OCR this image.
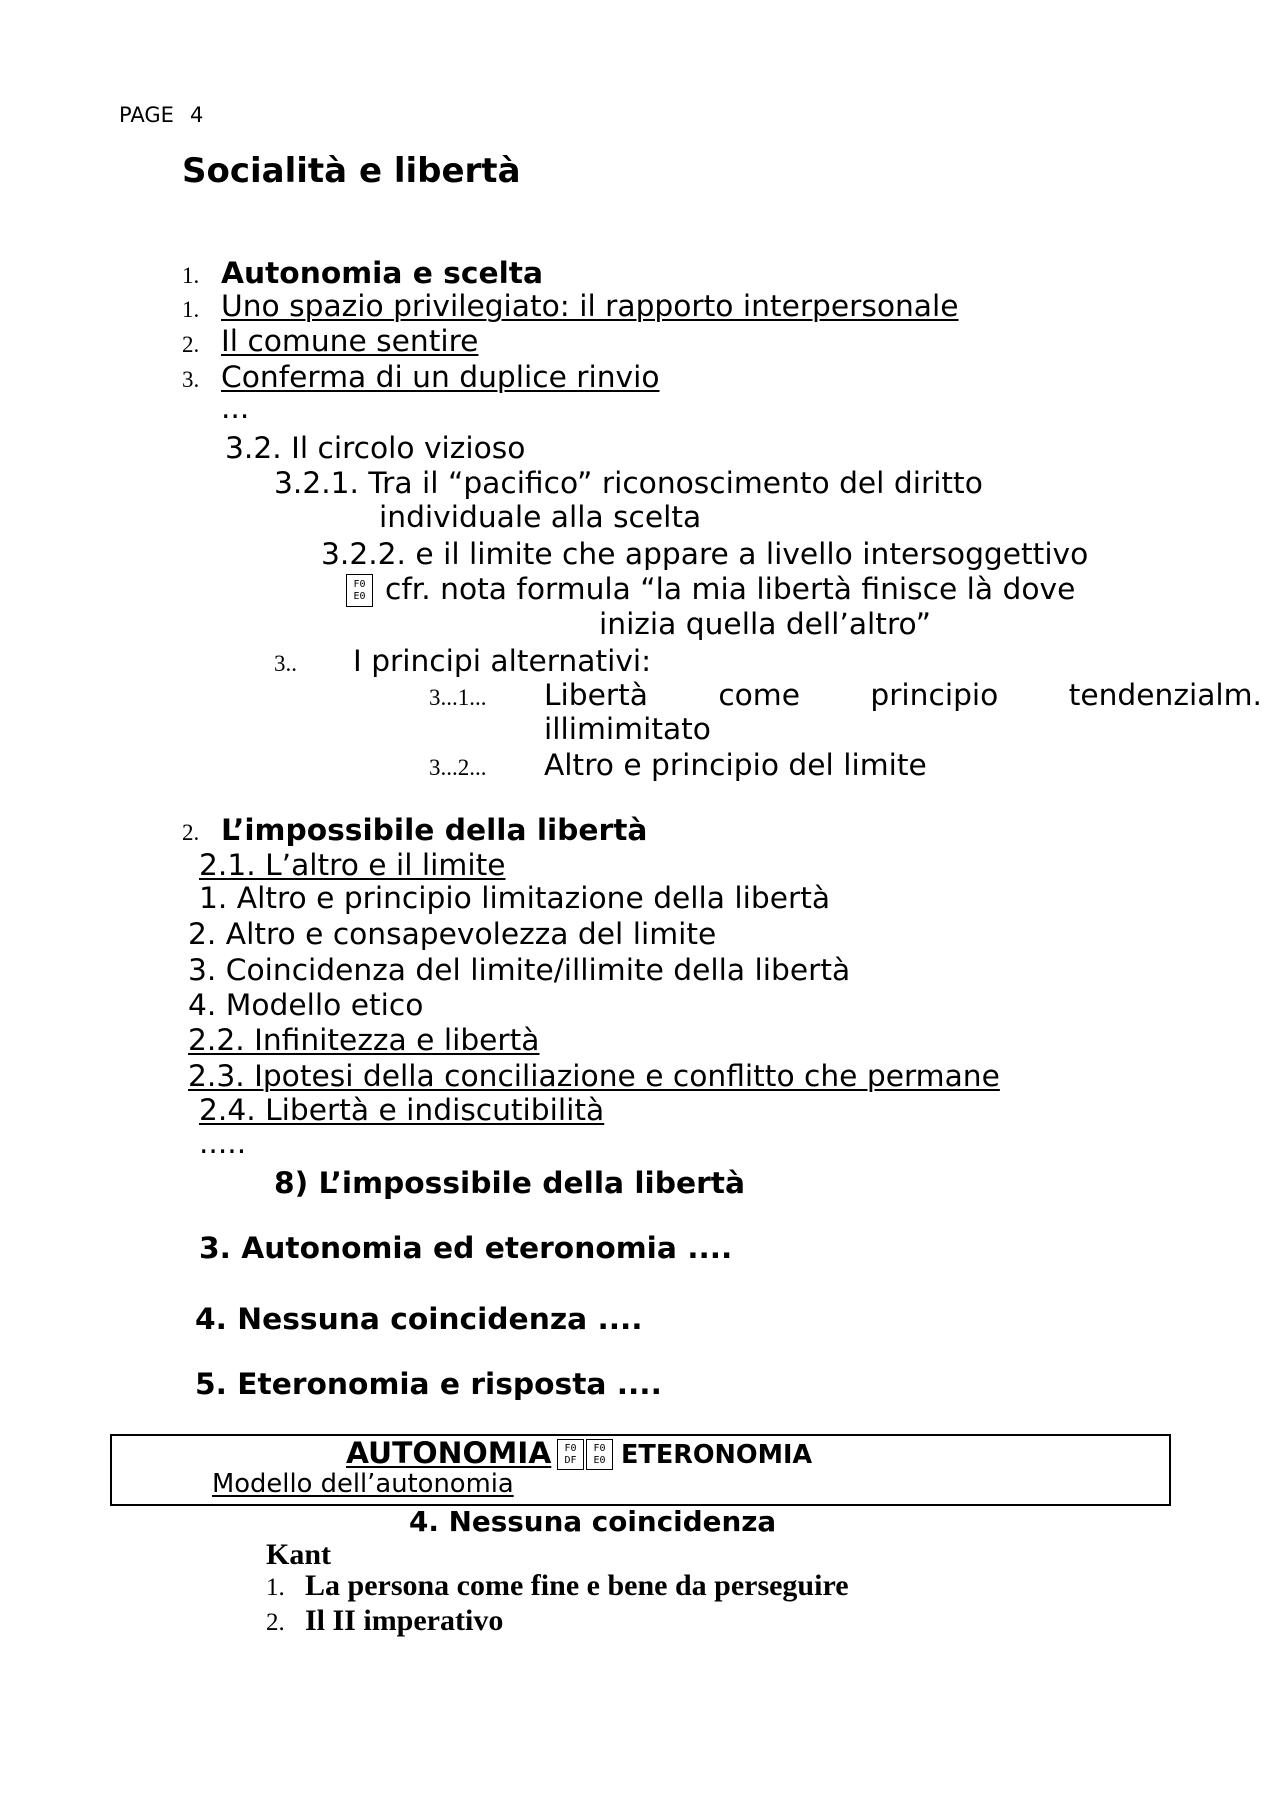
PAGE 4
Socialità e libertà
1. Autonomia e scelta
1. Uno spazio privilegiato: il rapporto interpersonale
2. Il comune sentire
3. Conferma di un duplice rinvio
...
3.2. Il circolo vizioso
3.2.1. Tra il “pacifico” riconoscimento del diritto
individuale alla scelta
3.2.2. e il limite che appare a livello intersoggettivo
F0
E0 cfr. nota formula “la mia libertà finisce là dove
inizia quella dell’altro”
3.. I principi alternativi:
3...1... Libertà come principio tendenzialm.
illimimitato
3...2... Altro e principio del limite
2. L’impossibile della libertà
2.1. L’altro e il limite
1. Altro e principio limitazione della libertà
2. Altro e consapevolezza del limite
3. Coincidenza del limite/illimite della libertà
4. Modello etico
2.2. Infinitezza e libertà
2.3. Ipotesi della conciliazione e conflitto che permane
2.4. Libertà e indiscutibilità
.....
8) L’impossibile della libertà
3. Autonomia ed eteronomia ....
4. Nessuna coincidenza ....
5. Eteronomia e risposta ....
AUTONOMIA F0
DF
F0
E0 ETERONOMIA
Modello dell’autonomia
4. Nessuna coincidenza
Kant
1. La persona come fine e bene da perseguire
2. Il II imperativo
